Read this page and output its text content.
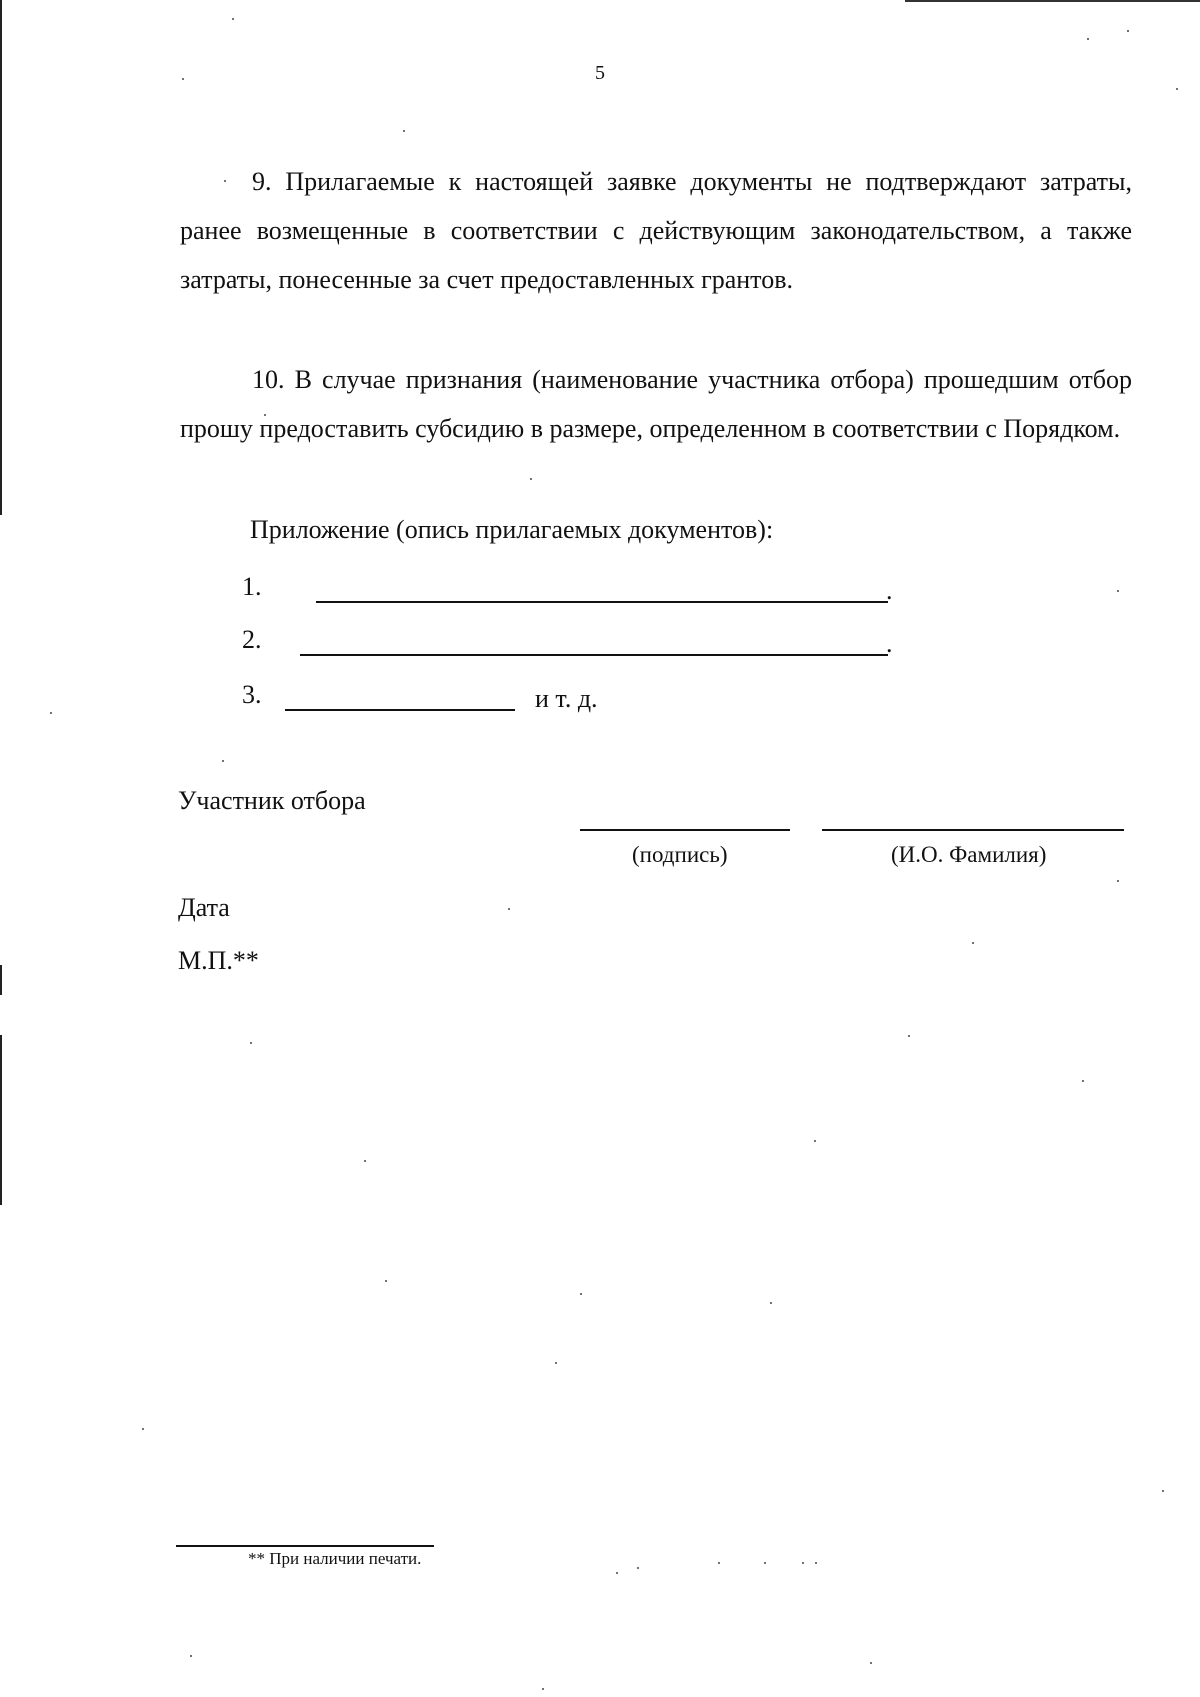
5

9. Прилагаемые к настоящей заявке документы не подтверждают затраты, ранее возмещенные в соответствии с действующим законодательством, а также затраты, понесенные за счет предоставленных грантов.

10. В случае признания (наименование участника отбора) прошедшим отбор прошу предоставить субсидию в размере, определенном в соответствии с Порядком.

Приложение (опись прилагаемых документов):

1.	.
2.	.
3.	и т. д.
Участник отбора
(подпись)	(И.О. Фамилия)
Дата
М.П.**
** При наличии печати.
